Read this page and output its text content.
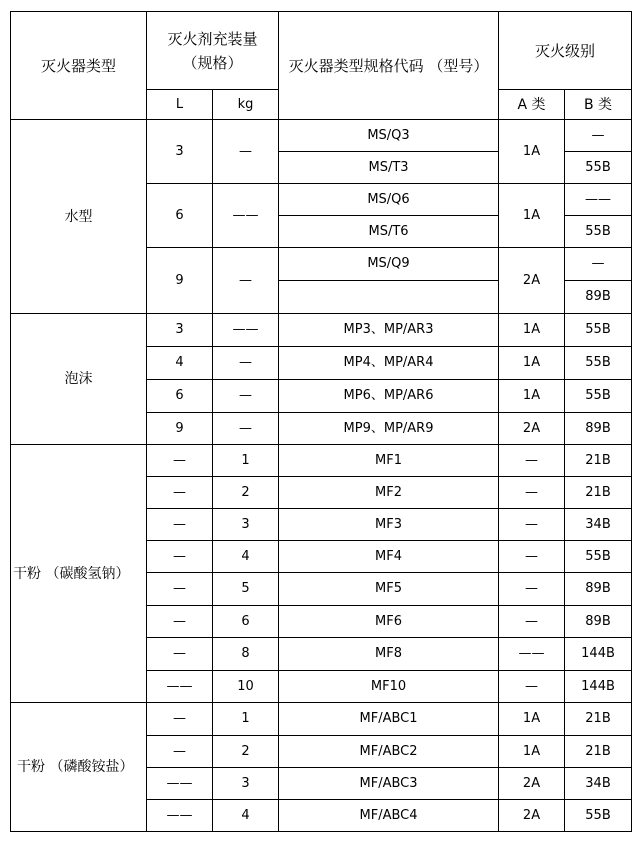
灭火器类型	灭火剂充装量
（规格）		灭火器类型规格代码 （型号）	灭火级别	
	L	kg		A 类	B 类
水型	3	—	MS/Q3	1A	—
			MS/T3		55B
	6	——	MS/Q6	1A	——
			MS/T6		55B
	9	—	MS/Q9	2A	—
					89B
泡沫	3	——	MP3、MP/AR3	1A	55B
	4	—	MP4、MP/AR4	1A	55B
	6	—	MP6、MP/AR6	1A	55B
	9	—	MP9、MP/AR9	2A	89B
干粉 （碳酸氢钠）	—	1	MF1	—	21B
	—	2	MF2	—	21B
	—	3	MF3	—	34B
	—	4	MF4	—	55B
	—	5	MF5	—	89B
	—	6	MF6	—	89B
	—	8	MF8	——	144B
	——	10	MF10	—	144B
干粉 （磷酸铵盐）	—	1	MF/ABC1	1A	21B
	—	2	MF/ABC2	1A	21B
	——	3	MF/ABC3	2A	34B
	——	4	MF/ABC4	2A	55B
